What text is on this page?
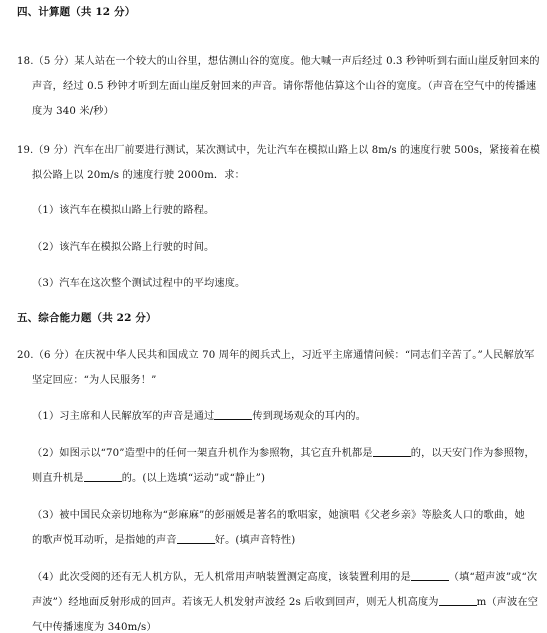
四、计算题（共 12 分）
18.（5 分）某人站在一个较大的山谷里，想估测山谷的宽度。他大喊一声后经过 0.3 秒钟听到右面山崖反射回来的
声音，经过 0.5 秒钟才听到左面山崖反射回来的声音。请你帮他估算这个山谷的宽度。（声音在空气中的传播速
度为 340 米/秒）
19.（9 分）汽车在出厂前要进行测试，某次测试中，先让汽车在模拟山路上以 8m/s 的速度行驶 500s，紧接着在模
拟公路上以 20m/s 的速度行驶 2000m．求：
（1）该汽车在模拟山路上行驶的路程。
（2）该汽车在模拟公路上行驶的时间。
（3）汽车在这次整个测试过程中的平均速度。
五、综合能力题（共 22 分）
20.（6 分）在庆祝中华人民共和国成立 70 周年的阅兵式上，习近平主席通情问候：“同志们辛苦了。”人民解放军
坚定回应：“为人民服务！”
（1）习主席和人民解放军的声音是通过	传到现场观众的耳内的。
（2）如图示以“70”造型中的任何一架直升机作为参照物，其它直升机都是	的，以天安门作为参照物，
则直升机是	的。(以上选填“运动”或“静止”)
（3）被中国民众亲切地称为“彭麻麻”的彭丽媛是著名的歌唱家，她演唱《父老乡亲》等脍炙人口的歌曲，她
的歌声悦耳动听，是指她的声音	好。(填声音特性)
（4）此次受阅的还有无人机方队，无人机常用声呐装置测定高度，该装置利用的是	（填“超声波”或“次
声波”）经地面反射形成的回声。若该无人机发射声波经 2s 后收到回声，则无人机高度为	m（声波在空
气中传播速度为 340m/s）
